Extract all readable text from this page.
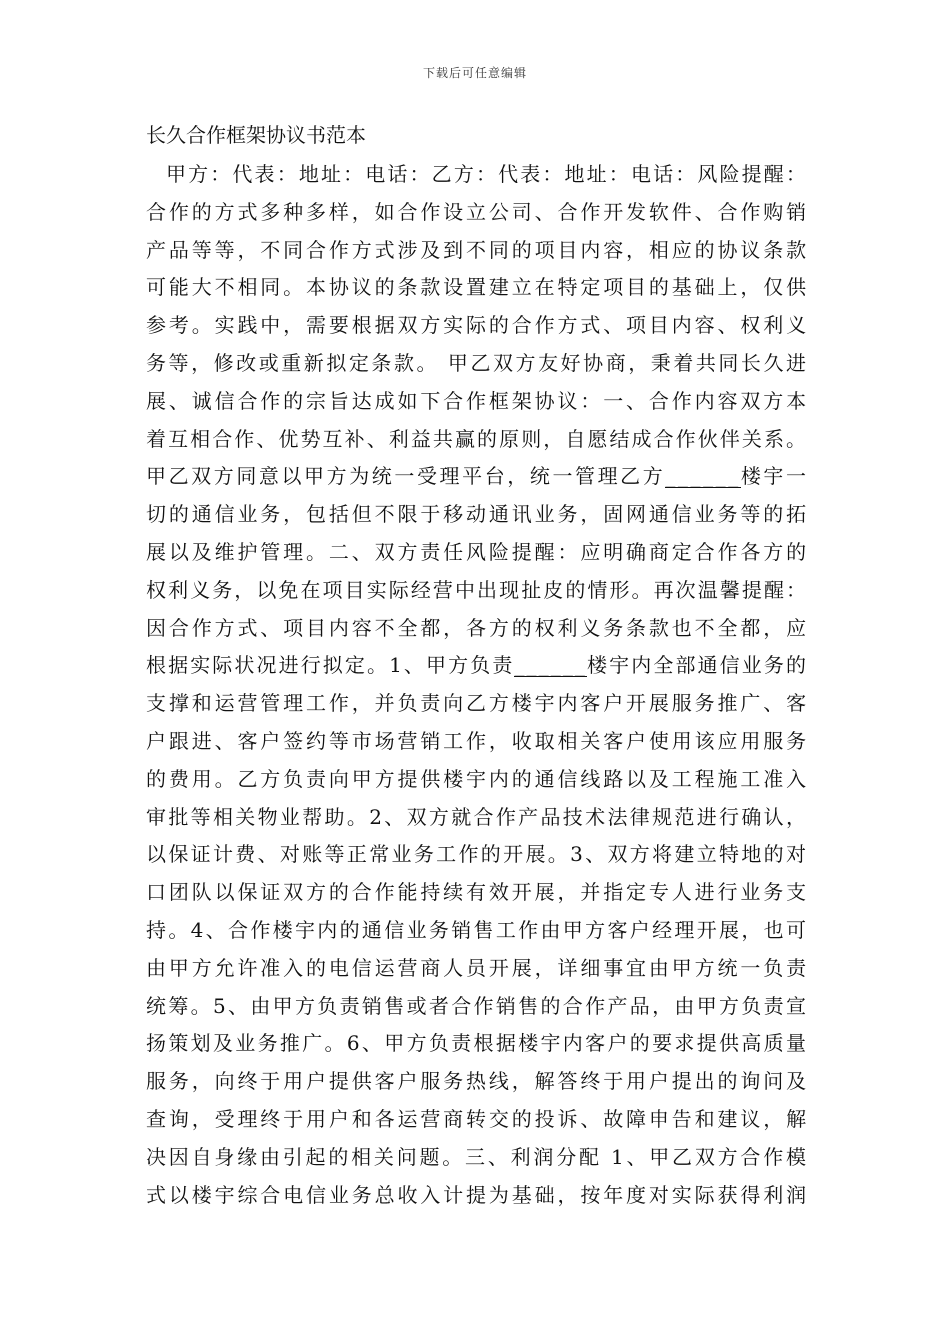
下载后可任意编辑
长久合作框架协议书范本
甲方：代表：地址：电话：乙方：代表：地址：电话：风险提醒：
合作的方式多种多样，如合作设立公司、合作开发软件、合作购销
产品等等，不同合作方式涉及到不同的项目内容，相应的协议条款
可能大不相同。本协议的条款设置建立在特定项目的基础上，仅供
参考。实践中，需要根据双方实际的合作方式、项目内容、权利义
务等，修改或重新拟定条款。 甲乙双方友好协商，秉着共同长久进
展、诚信合作的宗旨达成如下合作框架协议：一、合作内容双方本
着互相合作、优势互补、利益共赢的原则，自愿结成合作伙伴关系。
甲乙双方同意以甲方为统一受理平台，统一管理乙方______楼宇一
切的通信业务，包括但不限于移动通讯业务，固网通信业务等的拓
展以及维护管理。二、双方责任风险提醒：应明确商定合作各方的
权利义务，以免在项目实际经营中出现扯皮的情形。再次温馨提醒：
因合作方式、项目内容不全都，各方的权利义务条款也不全都，应
根据实际状况进行拟定。1、甲方负责______楼宇内全部通信业务的
支撑和运营管理工作，并负责向乙方楼宇内客户开展服务推广、客
户跟进、客户签约等市场营销工作，收取相关客户使用该应用服务
的费用。乙方负责向甲方提供楼宇内的通信线路以及工程施工准入
审批等相关物业帮助。2、双方就合作产品技术法律规范进行确认，
以保证计费、对账等正常业务工作的开展。3、双方将建立特地的对
口团队以保证双方的合作能持续有效开展，并指定专人进行业务支
持。4、合作楼宇内的通信业务销售工作由甲方客户经理开展，也可
由甲方允许准入的电信运营商人员开展，详细事宜由甲方统一负责
统筹。5、由甲方负责销售或者合作销售的合作产品，由甲方负责宣
扬策划及业务推广。6、甲方负责根据楼宇内客户的要求提供高质量
服务，向终于用户提供客户服务热线，解答终于用户提出的询问及
查询，受理终于用户和各运营商转交的投诉、故障申告和建议，解
决因自身缘由引起的相关问题。三、利润分配 1、甲乙双方合作模
式以楼宇综合电信业务总收入计提为基础，按年度对实际获得利润
